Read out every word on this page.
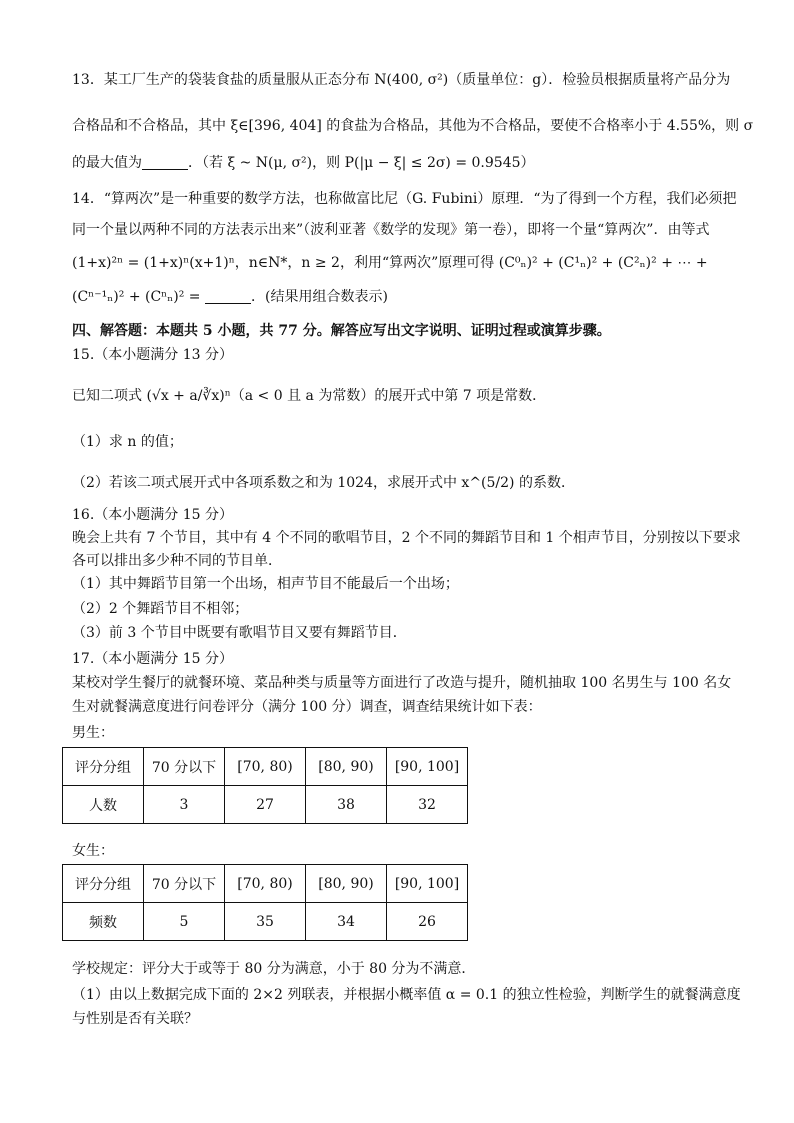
13．某工厂生产的袋装食盐的质量服从正态分布 N(400, σ²)（质量单位：g）．检验员根据质量将产品分为
合格品和不合格品，其中 ξ∈[396, 404] 的食盐为合格品，其他为不合格品，要使不合格率小于 4.55%，则 σ
的最大值为	．（若 ξ ~ N(μ, σ²)，则 P(|μ − ξ| ≤ 2σ) = 0.9545）
14．“算两次”是一种重要的数学方法，也称做富比尼（G. Fubini）原理．“为了得到一个方程，我们必须把
同一个量以两种不同的方法表示出来”（波利亚著《数学的发现》第一卷），即将一个量“算两次”．由等式
(1+x)²ⁿ = (1+x)ⁿ(x+1)ⁿ，n∈N*，n ≥ 2，利用“算两次”原理可得 (C⁰ₙ)² + (C¹ₙ)² + (C²ₙ)² + ⋯ +
(Cⁿ⁻¹ₙ)² + (Cⁿₙ)² =	．(结果用组合数表示)
四、解答题：本题共 5 小题，共 77 分。解答应写出文字说明、证明过程或演算步骤。
15.（本小题满分 13 分）
已知二项式 (√x + a/∛x)ⁿ（a < 0 且 a 为常数）的展开式中第 7 项是常数．
（1）求 n 的值；
（2）若该二项式展开式中各项系数之和为 1024，求展开式中 x^(5/2) 的系数．
16.（本小题满分 15 分）
晚会上共有 7 个节目，其中有 4 个不同的歌唱节目，2 个不同的舞蹈节目和 1 个相声节目，分别按以下要求
各可以排出多少种不同的节目单．
（1）其中舞蹈节目第一个出场，相声节目不能最后一个出场；
（2）2 个舞蹈节目不相邻；
（3）前 3 个节目中既要有歌唱节目又要有舞蹈节目．
17.（本小题满分 15 分）
某校对学生餐厅的就餐环境、菜品种类与质量等方面进行了改造与提升，随机抽取 100 名男生与 100 名女
生对就餐满意度进行问卷评分（满分 100 分）调查，调查结果统计如下表：
男生：
评分分组	70 分以下	[70, 80)	[80, 90)	[90, 100]
人数	3	27	38	32
女生：
评分分组	70 分以下	[70, 80)	[80, 90)	[90, 100]
频数	5	35	34	26
学校规定：评分大于或等于 80 分为满意，小于 80 分为不满意．
（1）由以上数据完成下面的 2×2 列联表，并根据小概率值 α = 0.1 的独立性检验，判断学生的就餐满意度
与性别是否有关联？
